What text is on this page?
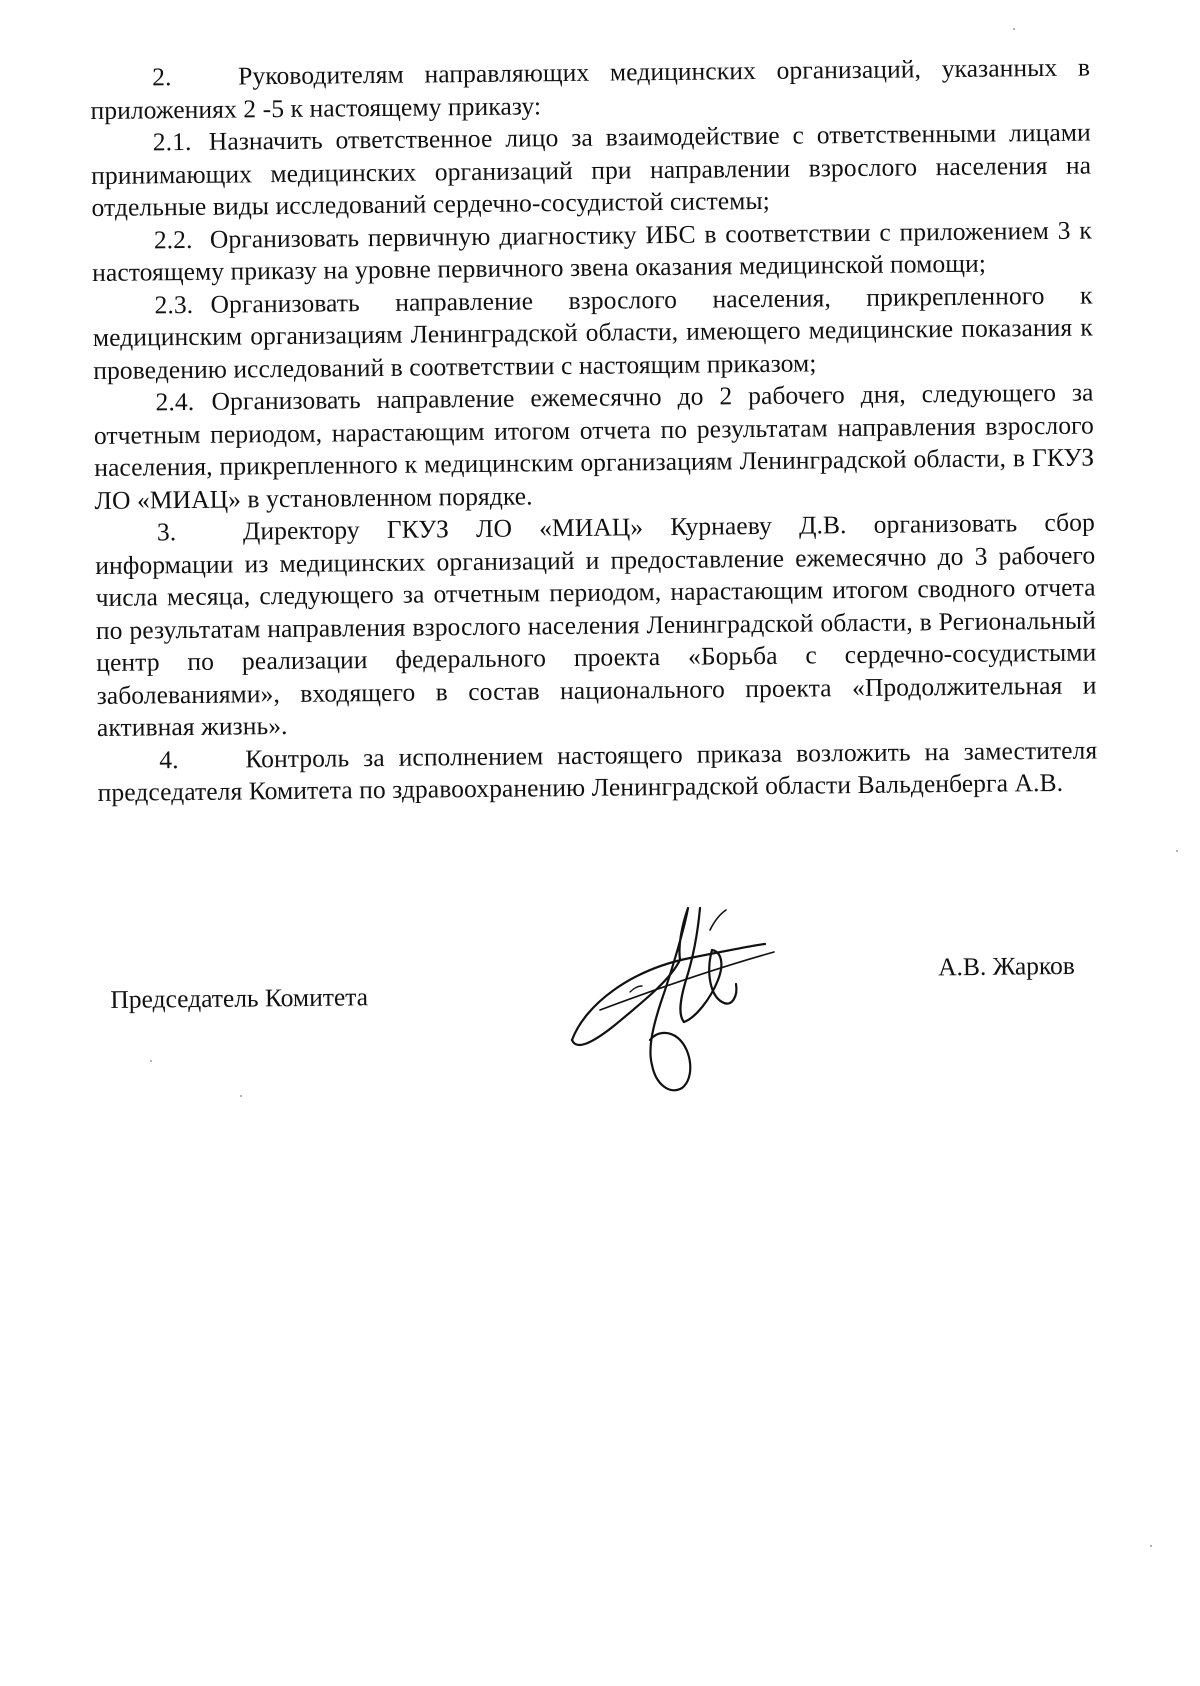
2.	Руководителям направляющих медицинских организаций, указанных в приложениях 2 -5 к настоящему приказу:

2.1. Назначить ответственное лицо за взаимодействие с ответственными лицами принимающих медицинских организаций при направлении взрослого населения на отдельные виды исследований сердечно-сосудистой системы;

2.2. Организовать первичную диагностику ИБС в соответствии с приложением 3 к настоящему приказу на уровне первичного звена оказания медицинской помощи;

2.3. Организовать направление взрослого населения, прикрепленного к медицинским организациям Ленинградской области, имеющего медицинские показания к проведению исследований в соответствии с настоящим приказом;

2.4. Организовать направление ежемесячно до 2 рабочего дня, следующего за отчетным периодом, нарастающим итогом отчета по результатам направления взрослого населения, прикрепленного к медицинским организациям Ленинградской области, в ГКУЗ ЛО «МИАЦ» в установленном порядке.

3.	Директору ГКУЗ ЛО «МИАЦ» Курнаеву Д.В. организовать сбор информации из медицинских организаций и предоставление ежемесячно до 3 рабочего числа месяца, следующего за отчетным периодом, нарастающим итогом сводного отчета по результатам направления взрослого населения Ленинградской области, в Региональный центр по реализации федерального проекта «Борьба с сердечно-сосудистыми заболеваниями», входящего в состав национального проекта «Продолжительная и активная жизнь».

4.	Контроль за исполнением настоящего приказа возложить на заместителя председателя Комитета по здравоохранению Ленинградской области Вальденберга А.В.

Председатель Комитета
А.В. Жарков
